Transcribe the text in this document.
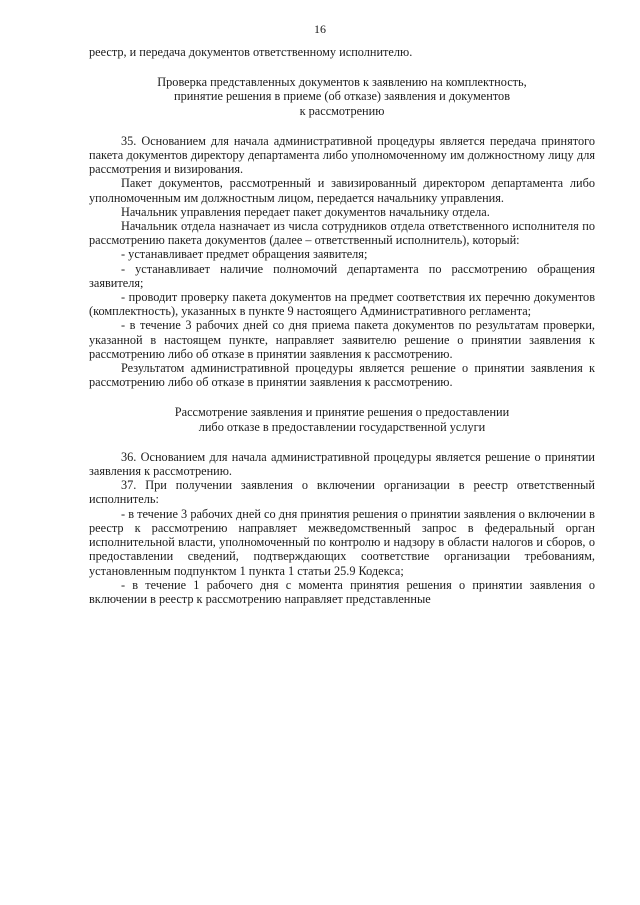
16

реестр, и передача документов ответственному исполнителю.

Проверка представленных документов к заявлению на комплектность,

принятие решения в приеме (об отказе) заявления и документов

к рассмотрению

35. Основанием для начала административной процедуры является передача принятого пакета документов директору департамента либо уполномоченному им должностному лицу для рассмотрения и визирования.

Пакет документов, рассмотренный и завизированный директором департамента либо уполномоченным им должностным лицом, передается начальнику управления.

Начальник управления передает пакет документов начальнику отдела.

Начальник отдела назначает из числа сотрудников отдела ответственного исполнителя по рассмотрению пакета документов (далее – ответственный исполнитель), который:

- устанавливает предмет обращения заявителя;

- устанавливает наличие полномочий департамента по рассмотрению обращения заявителя;

- проводит проверку пакета документов на предмет соответствия их перечню документов (комплектность), указанных в пункте 9 настоящего Административного регламента;

- в течение 3 рабочих дней со дня приема пакета документов по результатам проверки, указанной в настоящем пункте, направляет заявителю решение о принятии заявления к рассмотрению либо об отказе в принятии заявления к рассмотрению.

Результатом административной процедуры является решение о принятии заявления к рассмотрению либо об отказе в принятии заявления к рассмотрению.

Рассмотрение заявления и принятие решения о предоставлении

либо отказе в предоставлении государственной услуги

36. Основанием для начала административной процедуры является решение о принятии заявления к рассмотрению.

37. При получении заявления о включении организации в реестр ответственный исполнитель:

- в течение 3 рабочих дней со дня принятия решения о принятии заявления о включении в реестр к рассмотрению направляет межведомственный запрос в федеральный орган исполнительной власти, уполномоченный по контролю и надзору в области налогов и сборов, о предоставлении сведений, подтверждающих соответствие организации требованиям, установленным подпунктом 1 пункта 1 статьи 25.9 Кодекса;

- в течение 1 рабочего дня с момента принятия решения о принятии заявления о включении в реестр к рассмотрению направляет представленные
